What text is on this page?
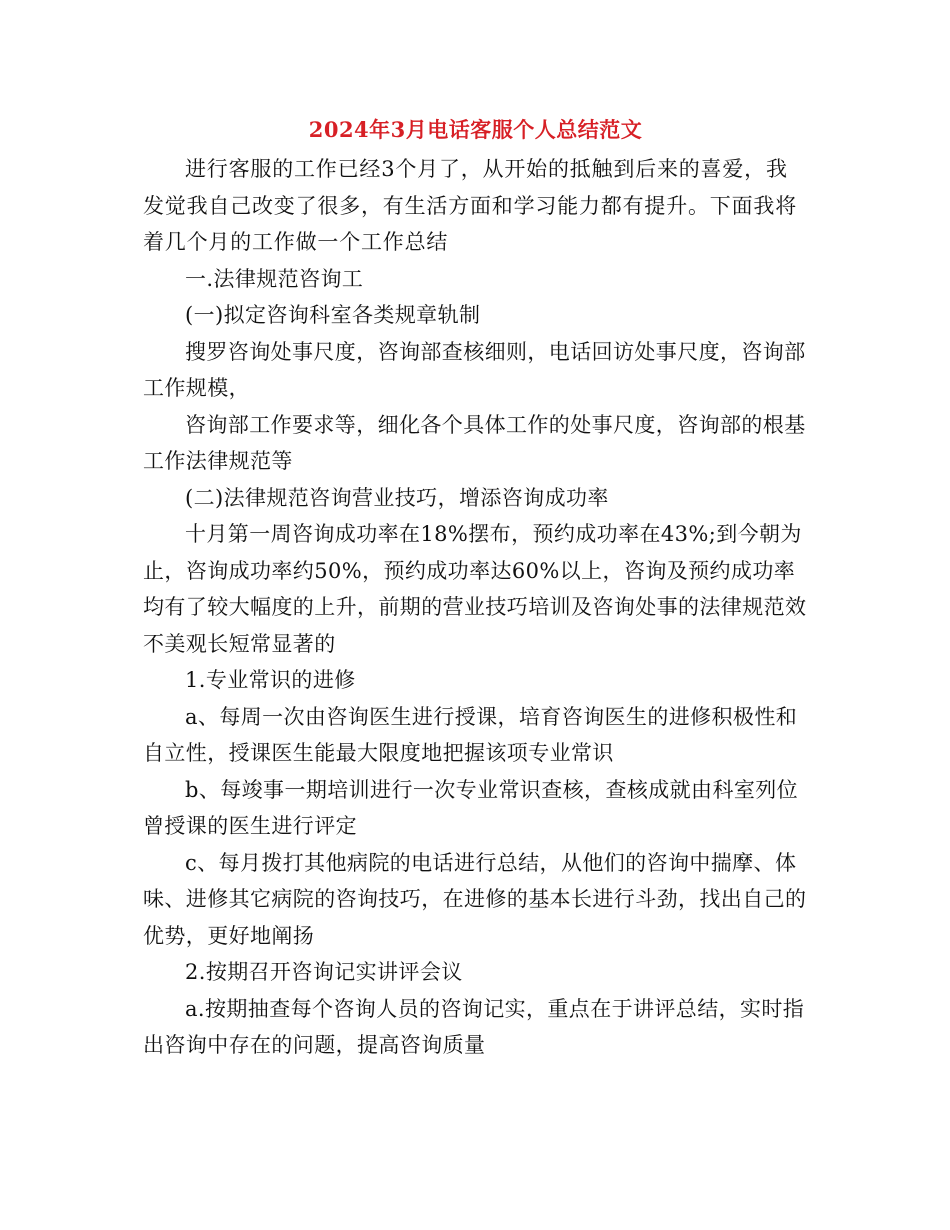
2024年3月电话客服个人总结范文

进行客服的工作已经3个月了，从开始的抵触到后来的喜爱，我发觉我自己改变了很多，有生活方面和学习能力都有提升。下面我将着几个月的工作做一个工作总结

一.法律规范咨询工

(一)拟定咨询科室各类规章轨制

搜罗咨询处事尺度，咨询部查核细则，电话回访处事尺度，咨询部工作规模，

咨询部工作要求等，细化各个具体工作的处事尺度，咨询部的根基工作法律规范等

(二)法律规范咨询营业技巧，增添咨询成功率

十月第一周咨询成功率在18%摆布，预约成功率在43%;到今朝为止，咨询成功率约50%，预约成功率达60%以上，咨询及预约成功率均有了较大幅度的上升，前期的营业技巧培训及咨询处事的法律规范效不美观长短常显著的

1.专业常识的进修

a、每周一次由咨询医生进行授课，培育咨询医生的进修积极性和自立性，授课医生能最大限度地把握该项专业常识

b、每竣事一期培训进行一次专业常识查核，查核成就由科室列位曾授课的医生进行评定

c、每月拨打其他病院的电话进行总结，从他们的咨询中揣摩、体味、进修其它病院的咨询技巧，在进修的基本长进行斗劲，找出自己的优势，更好地阐扬

2.按期召开咨询记实讲评会议

a.按期抽查每个咨询人员的咨询记实，重点在于讲评总结，实时指出咨询中存在的问题，提高咨询质量
